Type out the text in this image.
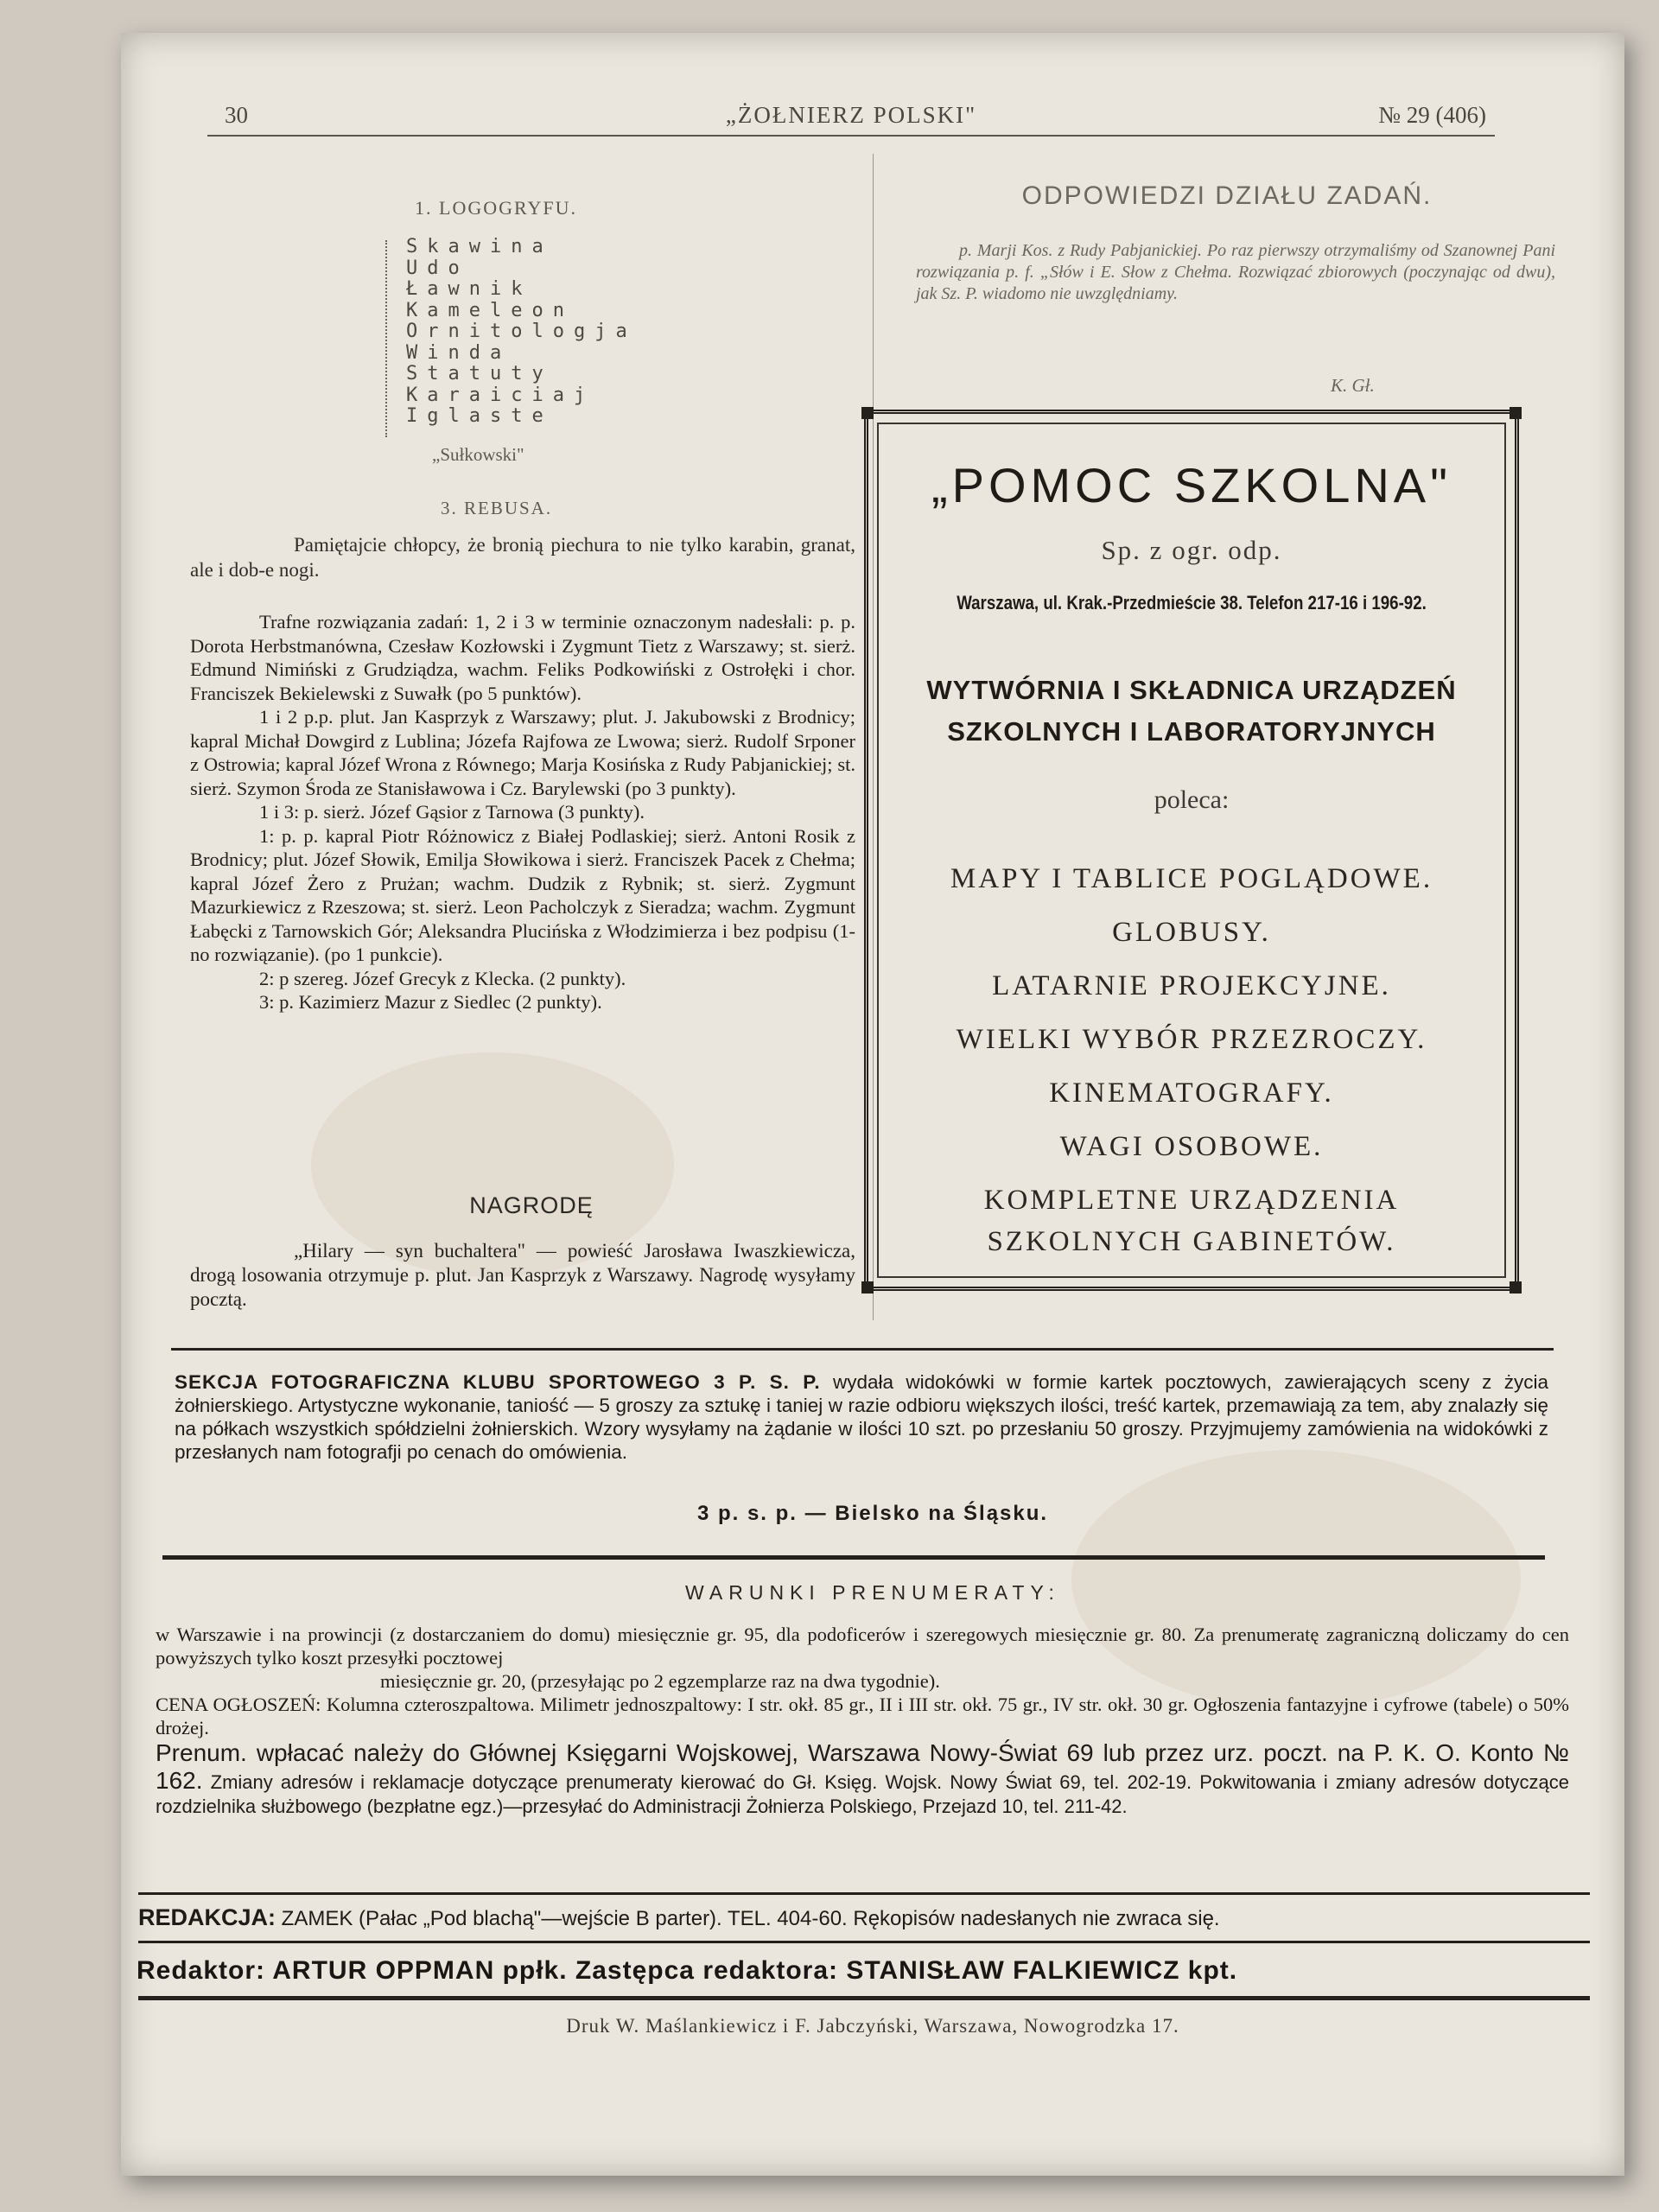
30	„ŻOŁNIERZ POLSKI"	№ 29 (406)
1. LOGOGRYFU.
Skawina
Udo
Ławnik
Kameleon
Ornitologja
Winda
Statuty
Karaiciaj
Iglaste
„Sułkowski"
3. REBUSA.
Pamiętajcie chłopcy, że bronią piechura to nie tylko karabin, granat, ale i dob-e nogi.

Trafne rozwiązania zadań: 1, 2 i 3 w terminie oznaczonym nadesłali: p. p. Dorota Herbstmanówna, Czesław Kozłowski i Zygmunt Tietz z Warszawy; st. sierż. Edmund Nimiński z Grudziądza, wachm. Feliks Podkowiński z Ostrołęki i chor. Franciszek Bekielewski z Suwałk (po 5 punktów).

1 i 2 p.p. plut. Jan Kasprzyk z Warszawy; plut. J. Jakubowski z Brodnicy; kapral Michał Dowgird z Lublina; Józefa Rajfowa ze Lwowa; sierż. Rudolf Srponer z Ostrowia; kapral Józef Wrona z Równego; Marja Kosińska z Rudy Pabjanickiej; st. sierż. Szymon Środa ze Stanisławowa i Cz. Barylewski (po 3 punkty).

1 i 3: p. sierż. Józef Gąsior z Tarnowa (3 punkty).

1: p. p. kapral Piotr Różnowicz z Białej Podlaskiej; sierż. Antoni Rosik z Brodnicy; plut. Józef Słowik, Emilja Słowikowa i sierż. Franciszek Pacek z Chełma; kapral Józef Żero z Prużan; wachm. Dudzik z Rybnik; st. sierż. Zygmunt Mazurkiewicz z Rzeszowa; st. sierż. Leon Pacholczyk z Sieradza; wachm. Zygmunt Łabęcki z Tarnowskich Gór; Aleksandra Plucińska z Włodzimierza i bez podpisu (1-no rozwiązanie). (po 1 punkcie).

2: p szereg. Józef Grecyk z Klecka. (2 punkty).

3: p. Kazimierz Mazur z Siedlec (2 punkty).

NAGRODĘ
„Hilary — syn buchaltera" — powieść Jarosława Iwaszkiewicza, drogą losowania otrzymuje p. plut. Jan Kasprzyk z Warszawy. Nagrodę wysyłamy pocztą.
ODPOWIEDZI DZIAŁU ZADAŃ.
p. Marji Kos. z Rudy Pabjanickiej. Po raz pierwszy otrzymaliśmy od Szanownej Pani rozwiązania p. f. „Słów i E. Słow z Chełma. Rozwiązać zbiorowych (poczynając od dwu), jak Sz. P. wiadomo nie uwzględniamy.
K. Gł.
„POMOC SZKOLNA"
Sp. z ogr. odp.
Warszawa, ul. Krak.-Przedmieście 38. Telefon 217-16 i 196-92.
WYTWÓRNIA I SKŁADNICA URZĄDZEŃ
SZKOLNYCH I LABORATORYJNYCH
poleca:
MAPY I TABLICE POGLĄDOWE.
GLOBUSY.
LATARNIE PROJEKCYJNE.
WIELKI WYBÓR PRZEZROCZY.
KINEMATOGRAFY.
WAGI OSOBOWE.
KOMPLETNE URZĄDZENIA
SZKOLNYCH GABINETÓW.
SEKCJA FOTOGRAFICZNA KLUBU SPORTOWEGO 3 P. S. P. wydała widokówki w formie kartek pocztowych, zawierających sceny z życia żołnierskiego. Artystyczne wykonanie, taniość — 5 groszy za sztukę i taniej w razie odbioru większych ilości, treść kartek, przemawiają za tem, aby znalazły się na półkach wszystkich spółdzielni żołnierskich. Wzory wysyłamy na żądanie w ilości 10 szt. po przesłaniu 50 groszy. Przyjmujemy zamówienia na widokówki z przesłanych nam fotografji po cenach do omówienia.
3 p. s. p. — Bielsko na Śląsku.
WARUNKI PRENUMERATY:

w Warszawie i na prowincji (z dostarczaniem do domu) miesięcznie gr. 95, dla podoficerów i szeregowych miesięcznie gr. 80. Za prenumeratę zagraniczną doliczamy do cen powyższych tylko koszt przesyłki pocztowej

miesięcznie gr. 20, (przesyłając po 2 egzemplarze raz na dwa tygodnie).

CENA OGŁOSZEŃ: Kolumna czteroszpaltowa. Milimetr jednoszpaltowy: I str. okł. 85 gr., II i III str. okł. 75 gr., IV str. okł. 30 gr. Ogłoszenia fantazyjne i cyfrowe (tabele) o 50% drożej.

Prenum. wpłacać należy do Głównej Księgarni Wojskowej, Warszawa Nowy-Świat 69 lub przez urz. poczt. na P. K. O. Konto № 162. Zmiany adresów i reklamacje dotyczące prenumeraty kierować do Gł. Księg. Wojsk. Nowy Świat 69, tel. 202-19. Pokwitowania i zmiany adresów dotyczące rozdzielnika służbowego (bezpłatne egz.)—przesyłać do Administracji Żołnierza Polskiego, Przejazd 10, tel. 211-42.

REDAKCJA: ZAMEK (Pałac „Pod blachą"—wejście B parter). TEL. 404-60. Rękopisów nadesłanych nie zwraca się.
Redaktor: ARTUR OPPMAN ppłk. Zastępca redaktora: STANISŁAW FALKIEWICZ kpt.
Druk W. Maślankiewicz i F. Jabczyński, Warszawa, Nowogrodzka 17.
